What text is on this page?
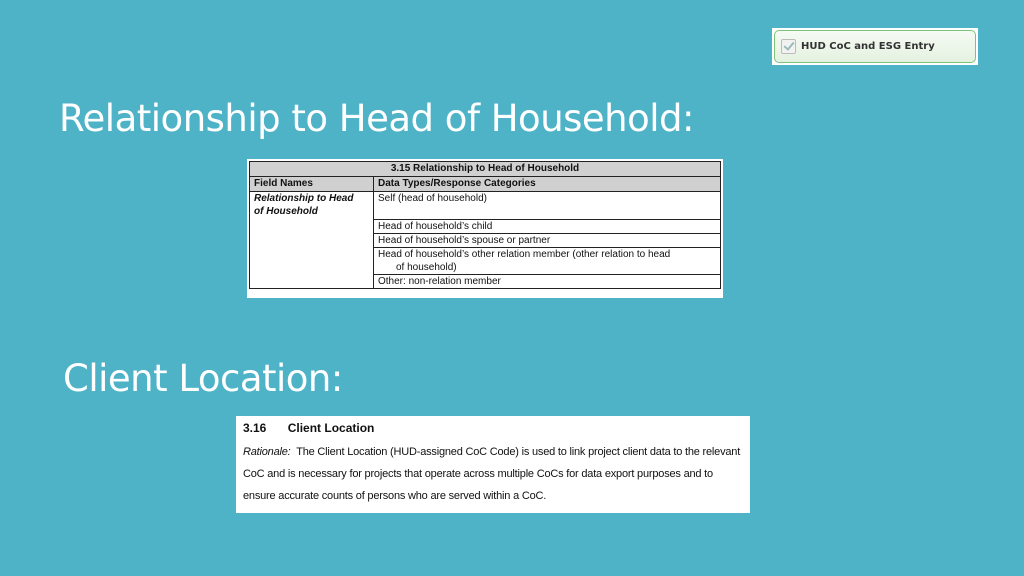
HUD CoC and ESG Entry
Relationship to Head of Household:
3.15 Relationship to Head of Household	
Field Names	Data Types/Response Categories
Relationship to Head
of Household	Self (head of household)
	Head of household’s child
	Head of household’s spouse or partner
	Head of household’s other relation member (other relation to head
of household)
	Other: non-relation member
Client Location:
3.16 Client Location
Rationale: The Client Location (HUD-assigned CoC Code) is used to link project client data to the relevant
CoC and is necessary for projects that operate across multiple CoCs for data export purposes and to
ensure accurate counts of persons who are served within a CoC.
